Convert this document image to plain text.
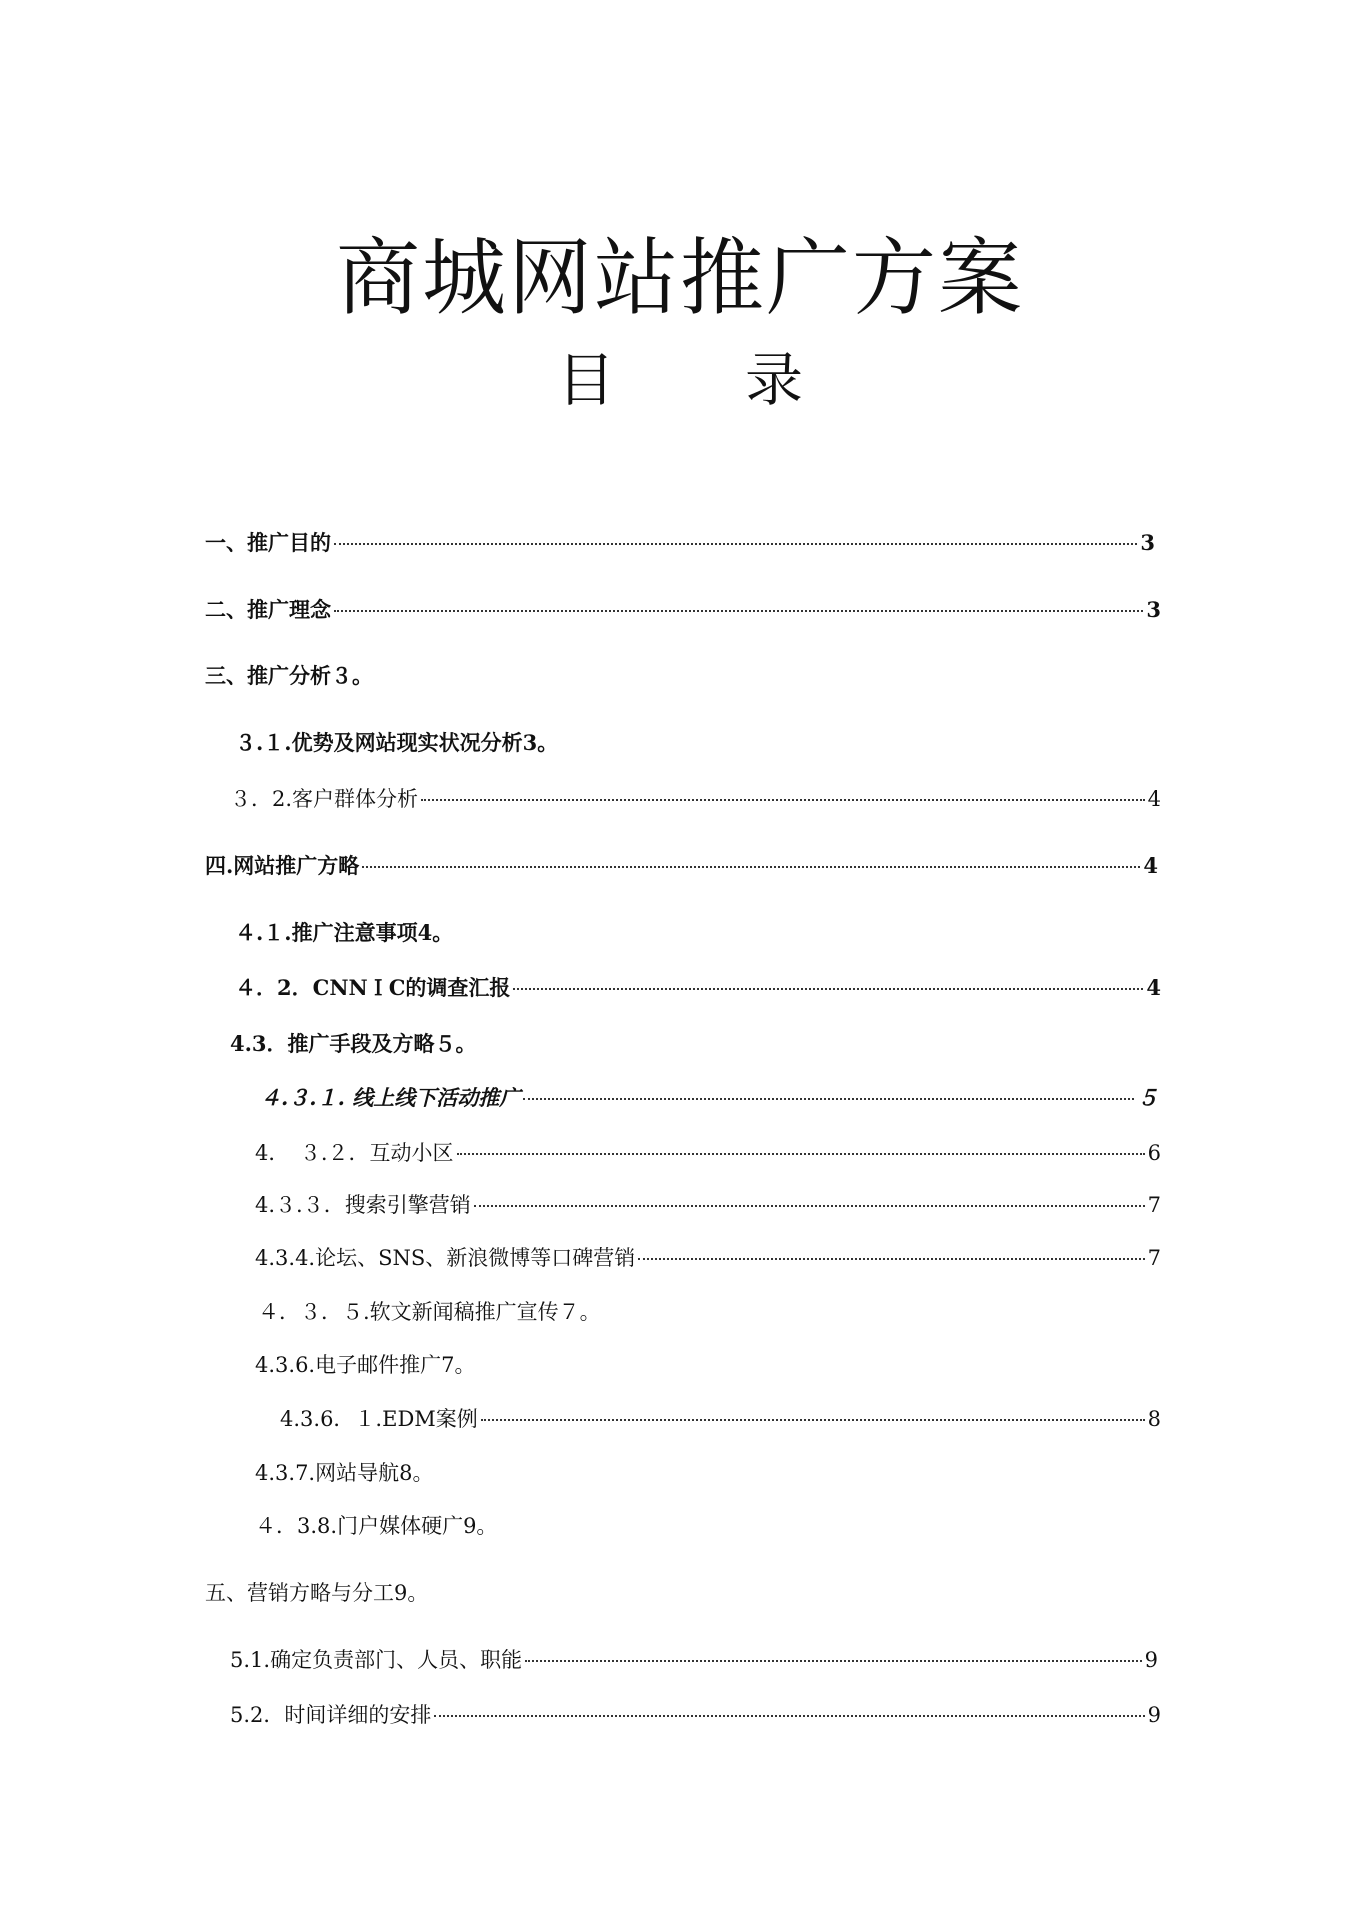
商城网站推广方案
目 录
一、推广目的	3
二、推广理念	3
三、推广分析３。
３.１.优势及网站现实状况分析3。
３．2.客户群体分析	4
四.网站推广方略	4
４.１.推广注意事项4。
４．2．CNNＩC的调查汇报	4
4.3．推广手段及方略５。
４.３.１. 线上线下活动推广	５
4．　３.２．互动小区	6
4.３.３．搜索引擎营销	7
4.3.4.论坛、SNS、新浪微博等口碑营销	7
４．３．５.软文新闻稿推广宣传７。
4.3.6.电子邮件推广7。
4.3.6．１.EDM案例	8
4.3.7.网站导航8。
４．3.8.门户媒体硬广9。
五、营销方略与分工9。
5.1.确定负责部门、人员、职能	9
5.2．时间详细的安排	9
